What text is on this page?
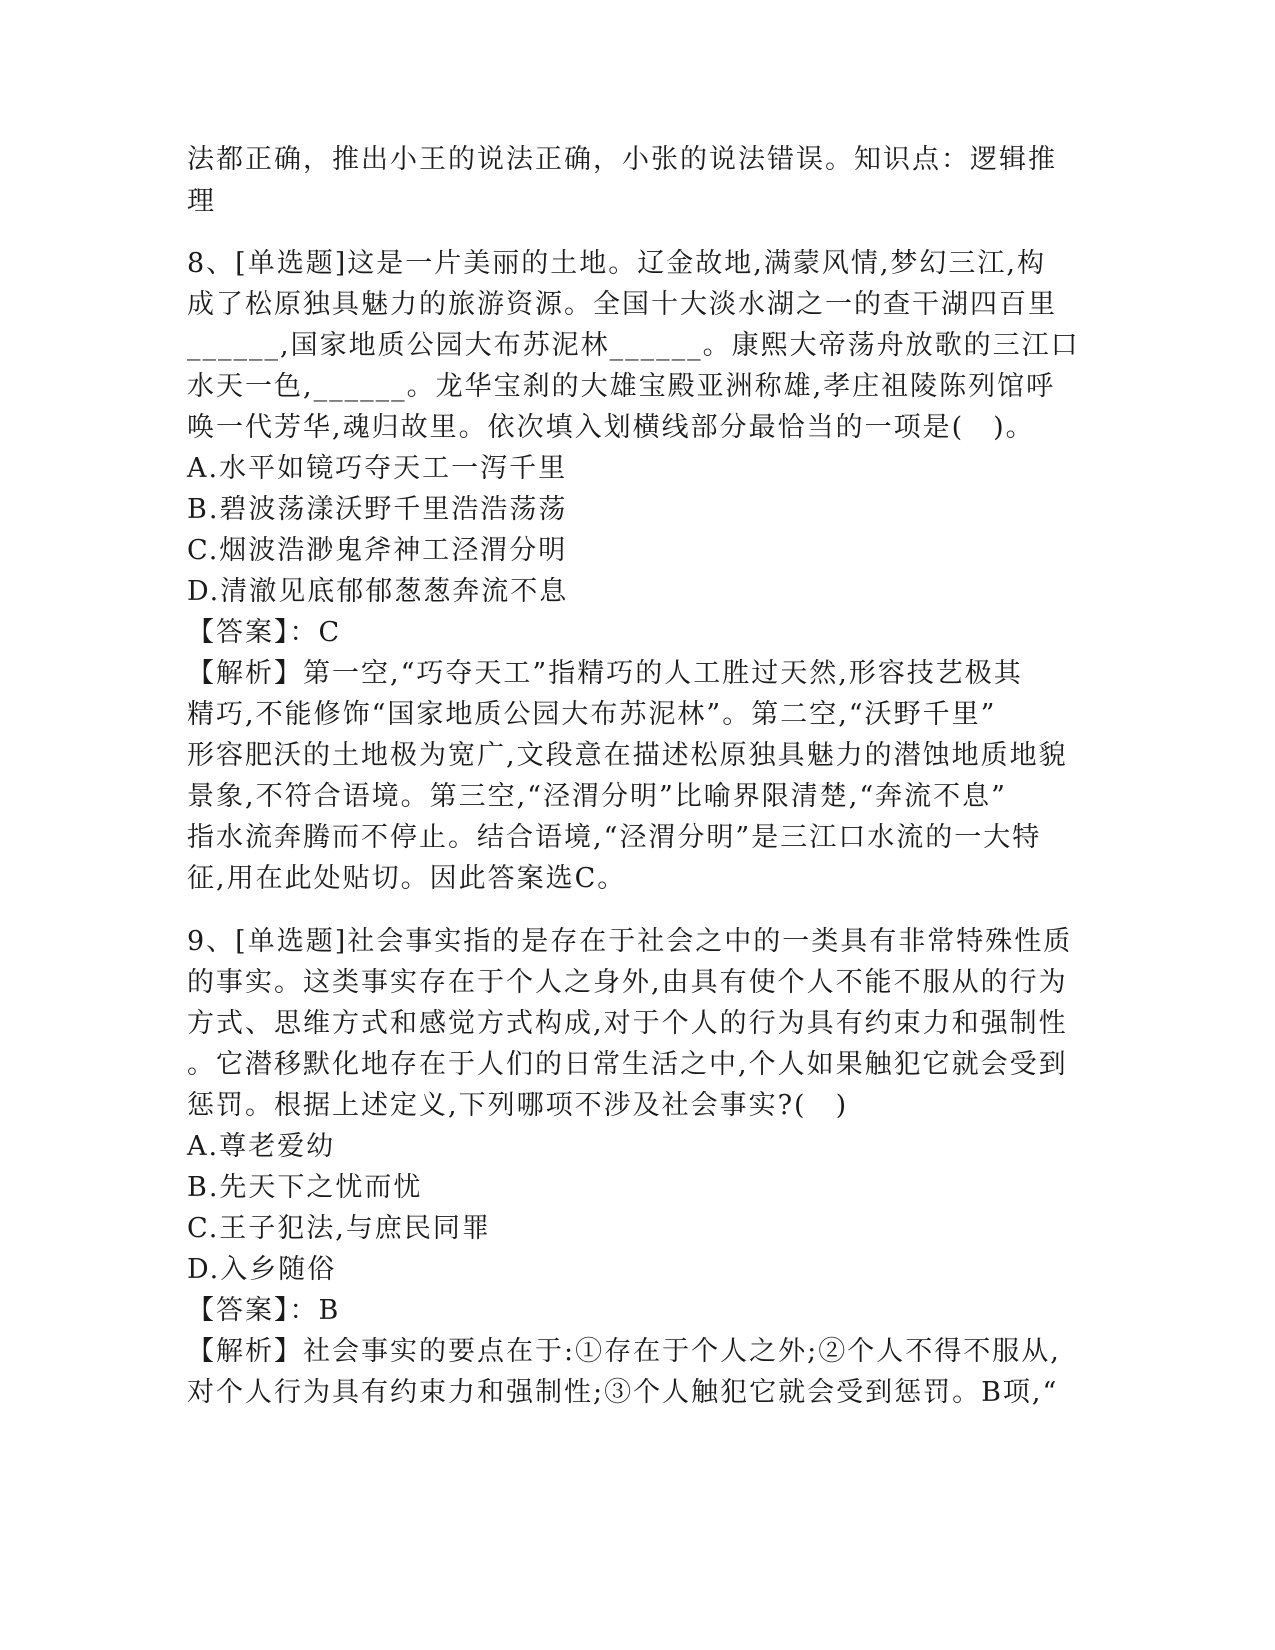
法都正确，推出小王的说法正确，小张的说法错误。知识点：逻辑推
理
8、[单选题]这是一片美丽的土地。辽金故地,满蒙风情,梦幻三江,构
成了松原独具魅力的旅游资源。全国十大淡水湖之一的查干湖四百里
______,国家地质公园大布苏泥林______。康熙大帝荡舟放歌的三江口
水天一色,______。龙华宝刹的大雄宝殿亚洲称雄,孝庄祖陵陈列馆呼
唤一代芳华,魂归故里。依次填入划横线部分最恰当的一项是(　)。
A.水平如镜巧夺天工一泻千里
B.碧波荡漾沃野千里浩浩荡荡
C.烟波浩渺鬼斧神工泾渭分明
D.清澈见底郁郁葱葱奔流不息
【答案】：C
【解析】第一空,“巧夺天工”指精巧的人工胜过天然,形容技艺极其
精巧,不能修饰“国家地质公园大布苏泥林”。第二空,“沃野千里”
形容肥沃的土地极为宽广,文段意在描述松原独具魅力的潜蚀地质地貌
景象,不符合语境。第三空,“泾渭分明”比喻界限清楚,“奔流不息”
指水流奔腾而不停止。结合语境,“泾渭分明”是三江口水流的一大特
征,用在此处贴切。因此答案选C。
9、[单选题]社会事实指的是存在于社会之中的一类具有非常特殊性质
的事实。这类事实存在于个人之身外,由具有使个人不能不服从的行为
方式、思维方式和感觉方式构成,对于个人的行为具有约束力和强制性
。它潜移默化地存在于人们的日常生活之中,个人如果触犯它就会受到
惩罚。根据上述定义,下列哪项不涉及社会事实?(　)
A.尊老爱幼
B.先天下之忧而忧
C.王子犯法,与庶民同罪
D.入乡随俗
【答案】：B
【解析】社会事实的要点在于:①存在于个人之外;②个人不得不服从,
对个人行为具有约束力和强制性;③个人触犯它就会受到惩罚。B项,“
